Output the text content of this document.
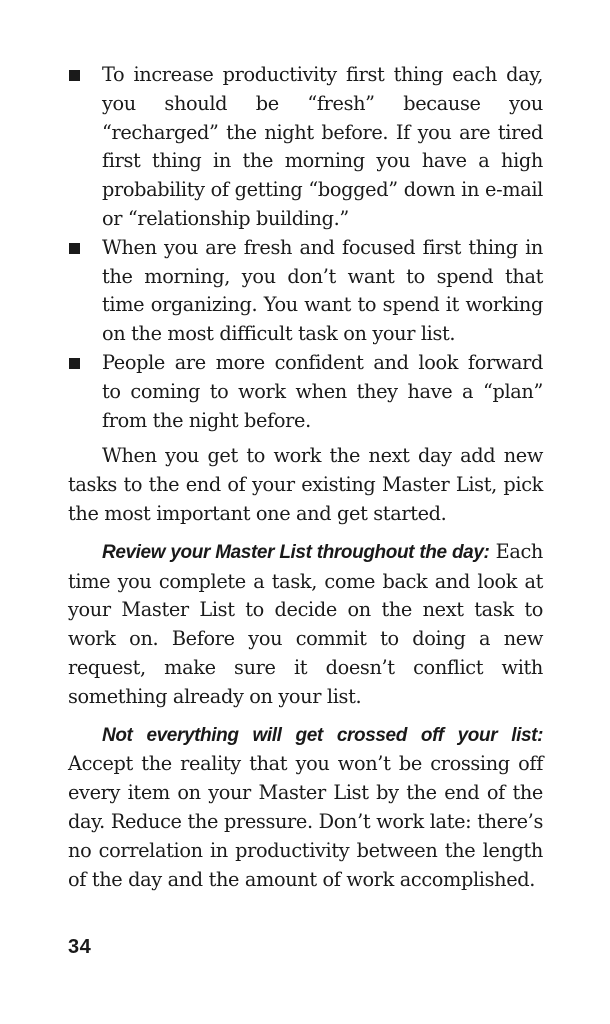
To increase productivity first thing each day, you should be “fresh” because you “recharged” the night before. If you are tired first thing in the morning you have a high probability of getting “bogged” down in e-mail or “relationship building.”
When you are fresh and focused first thing in the morning, you don’t want to spend that time organizing. You want to spend it working on the most difficult task on your list.
People are more confident and look forward to coming to work when they have a “plan” from the night before.

When you get to work the next day add new tasks to the end of your existing Master List, pick the most important one and get started.

Review your Master List throughout the day: Each time you complete a task, come back and look at your Master List to decide on the next task to work on. Before you commit to doing a new request, make sure it doesn’t conflict with something already on your list.

Not everything will get crossed off your list: Accept the reality that you won’t be crossing off every item on your Master List by the end of the day. Reduce the pressure. Don’t work late: there’s no correlation in productivity between the length of the day and the amount of work accomplished.

34
